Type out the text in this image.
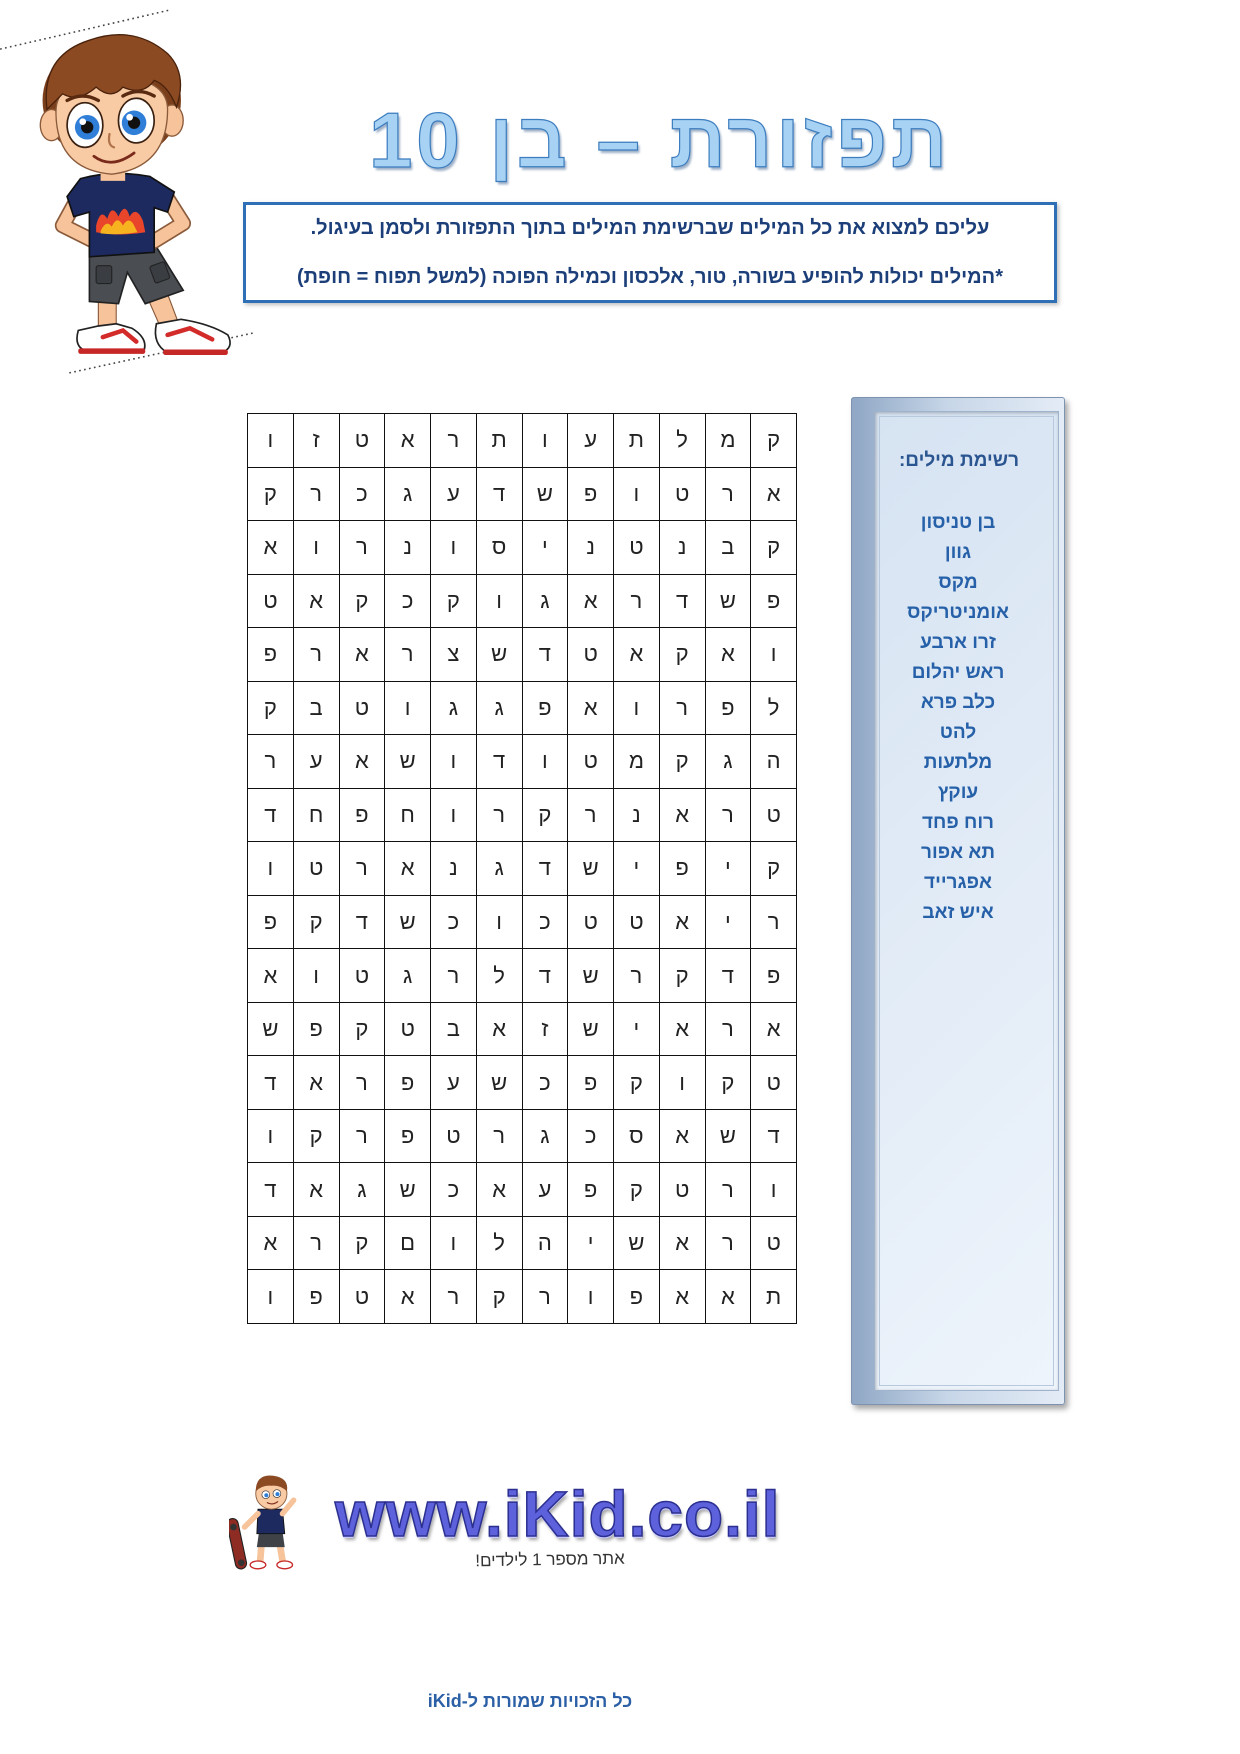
תפזורת – בן 10
עליכם למצוא את כל המילים שברשימת המילים בתוך התפזורת ולסמן בעיגול.
*המילים יכולות להופיע בשורה, טור, אלכסון וכמילה הפוכה (למשל תפוח = חופת)
ק
מ
ל
ת
ע
ו
ת
ר
א
ט
ז
ו
א
ר
ט
ו
פ
ש
ד
ע
ג
כ
ר
ק
ק
ב
נ
ט
נ
י
ס
ו
נ
ר
ו
א
פ
ש
ד
ר
א
ג
ו
ק
כ
ק
א
ט
ו
א
ק
א
ט
ד
ש
צ
ר
א
ר
פ
ל
פ
ר
ו
א
פ
ג
ג
ו
ט
ב
ק
ה
ג
ק
מ
ט
ו
ד
ו
ש
א
ע
ר
ט
ר
א
נ
ר
ק
ר
ו
ח
פ
ח
ד
ק
י
פ
י
ש
ד
ג
נ
א
ר
ט
ו
ר
י
א
ט
ט
כ
ו
כ
ש
ד
ק
פ
פ
ד
ק
ר
ש
ד
ל
ר
ג
ט
ו
א
א
ר
א
י
ש
ז
א
ב
ט
ק
פ
ש
ט
ק
ו
ק
פ
כ
ש
ע
פ
ר
א
ד
ד
ש
א
ס
כ
ג
ר
ט
פ
ר
ק
ו
ו
ר
ט
ק
פ
ע
א
כ
ש
ג
א
ד
ט
ר
א
ש
י
ה
ל
ו
ם
ק
ר
א
ת
א
א
פ
ו
ר
ק
ר
א
ט
פ
ו
רשימת מילים:
בן טניסון
גוון
מקס
אומניטריקס
זרו ארבע
ראש יהלום
כלב פרא
להט
מלתעות
עוקץ
רוח פחד
תא אפור
אפגרייד
איש זאב
www.iKid.co.il
אתר מספר 1 לילדים!
כל הזכויות שמורות ל-iKid
